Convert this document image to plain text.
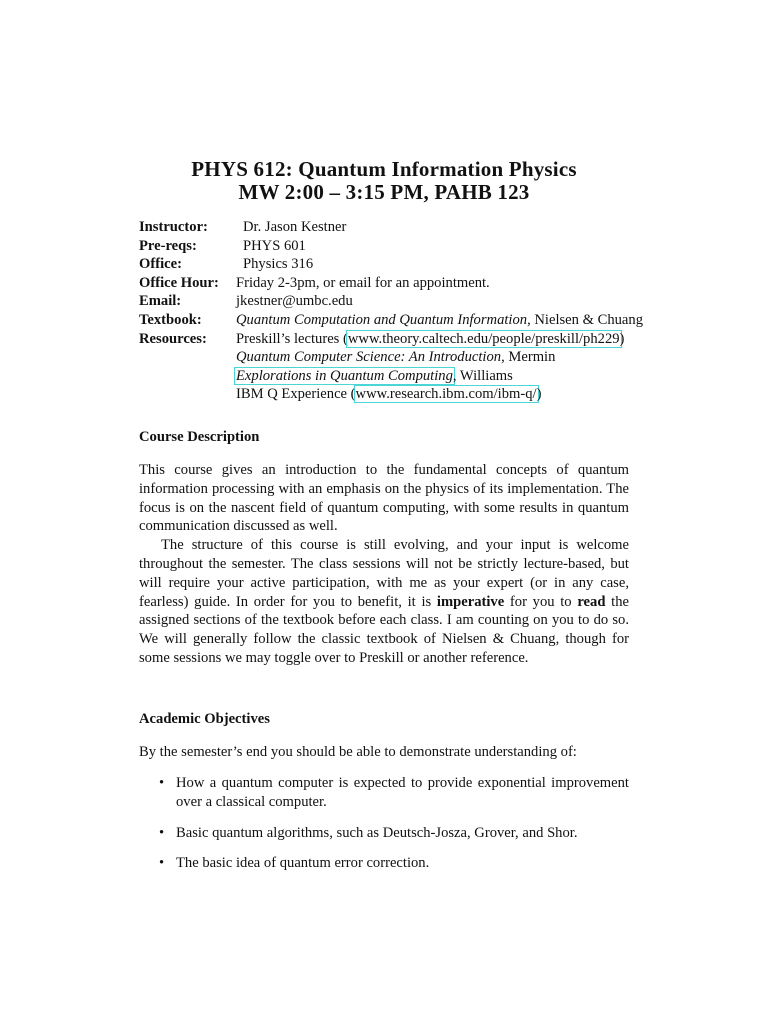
PHYS 612: Quantum Information Physics
MW 2:00 – 3:15 PM, PAHB 123
Instructor: Dr. Jason Kestner
Pre-reqs:	PHYS 601
Office:	Physics 316
Office Hour: Friday 2-3pm, or email for an appointment.
Email:	jkestner@umbc.edu
Textbook: Quantum Computation and Quantum Information, Nielsen & Chuang
Resources: Preskill’s lectures (www.theory.caltech.edu/people/preskill/ph229)
Quantum Computer Science: An Introduction, Mermin
Explorations in Quantum Computing, Williams
IBM Q Experience (www.research.ibm.com/ibm-q/)
Course Description

This course gives an introduction to the fundamental concepts of quantum information processing with an emphasis on the physics of its implementation. The focus is on the nascent field of quantum computing, with some results in quantum communication discussed as well.

The structure of this course is still evolving, and your input is welcome throughout the semester. The class sessions will not be strictly lecture-based, but will require your active participation, with me as your expert (or in any case, fearless) guide. In order for you to benefit, it is imperative for you to read the assigned sections of the textbook before each class. I am counting on you to do so. We will generally follow the classic textbook of Nielsen & Chuang, though for some sessions we may toggle over to Preskill or another reference.

Academic Objectives
By the semester’s end you should be able to demonstrate understanding of:
• How a quantum computer is expected to provide exponential improvement over a classical computer.
• Basic quantum algorithms, such as Deutsch-Josza, Grover, and Shor.
• The basic idea of quantum error correction.
